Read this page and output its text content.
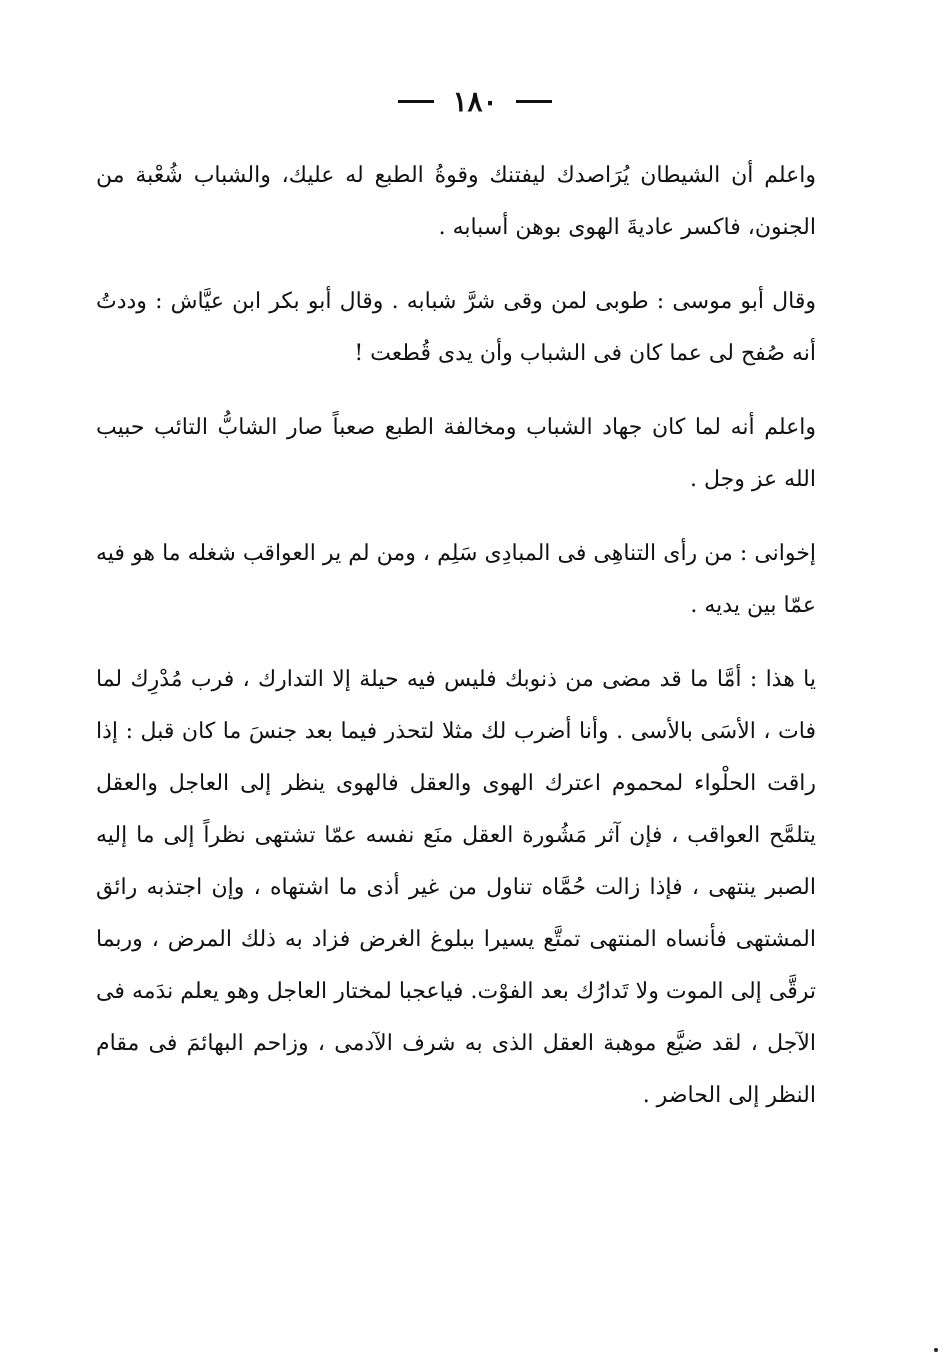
١٨٠

واعلم أن الشيطان يُرَاصدك ليفتنك وقوةُ الطبع له عليك، والشباب شُعْبة من الجنون، فاكسر عاديةَ الهوى بوهن أسبابه .

وقال أبو موسى : طوبى لمن وقى شرَّ شبابه . وقال أبو بكر ابن عيَّاش : وددتُ أنه صُفح لى عما كان فى الشباب وأن يدى قُطعت !

واعلم أنه لما كان جهاد الشباب ومخالفة الطبع صعباً صار الشابُّ التائب حبيب الله عز وجل .

إخوانى : من رأى التناهِى فى المبادِى سَلِم ، ومن لم ير العواقب شغله ما هو فيه عمّا بين يديه .

يا هذا : أمَّا ما قد مضى من ذنوبك فليس فيه حيلة إلا التدارك ، فرب مُدْرِك لما فات ، الأسَى بالأسى . وأنا أضرب لك مثلا لتحذر فيما بعد جنسَ ما كان قبل : إذا راقت الحلْواء لمحموم اعترك الهوى والعقل فالهوى ينظر إلى العاجل والعقل يتلمَّح العواقب ، فإن آثر مَشُورة العقل منَع نفسه عمّا تشتهى نظراً إلى ما إليه الصبر ينتهى ، فإذا زالت حُمَّاه تناول من غير أذى ما اشتهاه ، وإن اجتذبه رائق المشتهى فأنساه المنتهى تمتَّع يسيرا ببلوغ الغرض فزاد به ذلك المرض ، وربما ترقَّى إلى الموت ولا تَدارُك بعد الفوْت. فياعجبا لمختار العاجل وهو يعلم ندَمه فى الآجل ، لقد ضيَّع موهبة العقل الذى به شرف الآدمى ، وزاحم البهائمَ فى مقام النظر إلى الحاضر .
